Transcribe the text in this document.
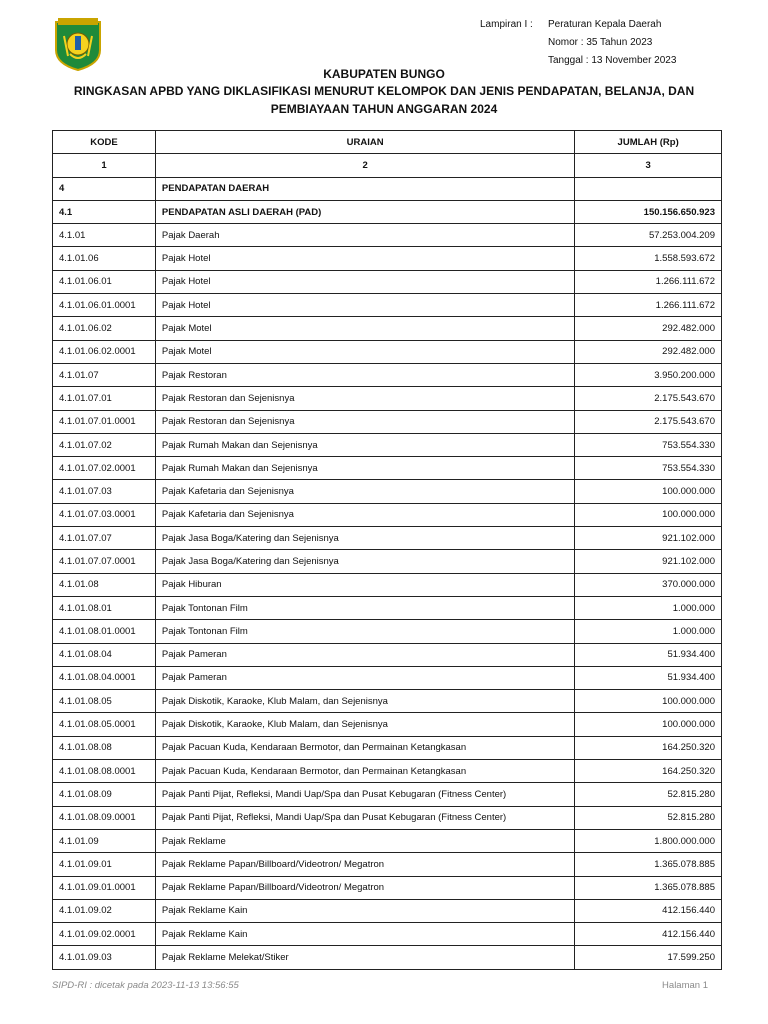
Lampiran I :	Peraturan Kepala Daerah
Nomor : 35 Tahun 2023
Tanggal : 13 November 2023
KABUPATEN BUNGO
RINGKASAN APBD YANG DIKLASIFIKASI MENURUT KELOMPOK DAN JENIS PENDAPATAN, BELANJA, DAN
PEMBIAYAAN TAHUN ANGGARAN 2024
KODE	URAIAN	JUMLAH (Rp)
1	2	3
4	PENDAPATAN DAERAH	
4.1	PENDAPATAN ASLI DAERAH (PAD)	150.156.650.923
4.1.01	Pajak Daerah	57.253.004.209
4.1.01.06	Pajak Hotel	1.558.593.672
4.1.01.06.01	Pajak Hotel	1.266.111.672
4.1.01.06.01.0001	Pajak Hotel	1.266.111.672
4.1.01.06.02	Pajak Motel	292.482.000
4.1.01.06.02.0001	Pajak Motel	292.482.000
4.1.01.07	Pajak Restoran	3.950.200.000
4.1.01.07.01	Pajak Restoran dan Sejenisnya	2.175.543.670
4.1.01.07.01.0001	Pajak Restoran dan Sejenisnya	2.175.543.670
4.1.01.07.02	Pajak Rumah Makan dan Sejenisnya	753.554.330
4.1.01.07.02.0001	Pajak Rumah Makan dan Sejenisnya	753.554.330
4.1.01.07.03	Pajak Kafetaria dan Sejenisnya	100.000.000
4.1.01.07.03.0001	Pajak Kafetaria dan Sejenisnya	100.000.000
4.1.01.07.07	Pajak Jasa Boga/Katering dan Sejenisnya	921.102.000
4.1.01.07.07.0001	Pajak Jasa Boga/Katering dan Sejenisnya	921.102.000
4.1.01.08	Pajak Hiburan	370.000.000
4.1.01.08.01	Pajak Tontonan Film	1.000.000
4.1.01.08.01.0001	Pajak Tontonan Film	1.000.000
4.1.01.08.04	Pajak Pameran	51.934.400
4.1.01.08.04.0001	Pajak Pameran	51.934.400
4.1.01.08.05	Pajak Diskotik, Karaoke, Klub Malam, dan Sejenisnya	100.000.000
4.1.01.08.05.0001	Pajak Diskotik, Karaoke, Klub Malam, dan Sejenisnya	100.000.000
4.1.01.08.08	Pajak Pacuan Kuda, Kendaraan Bermotor, dan Permainan Ketangkasan	164.250.320
4.1.01.08.08.0001	Pajak Pacuan Kuda, Kendaraan Bermotor, dan Permainan Ketangkasan	164.250.320
4.1.01.08.09	Pajak Panti Pijat, Refleksi, Mandi Uap/Spa dan Pusat Kebugaran (Fitness Center)	52.815.280
4.1.01.08.09.0001	Pajak Panti Pijat, Refleksi, Mandi Uap/Spa dan Pusat Kebugaran (Fitness Center)	52.815.280
4.1.01.09	Pajak Reklame	1.800.000.000
4.1.01.09.01	Pajak Reklame Papan/Billboard/Videotron/ Megatron	1.365.078.885
4.1.01.09.01.0001	Pajak Reklame Papan/Billboard/Videotron/ Megatron	1.365.078.885
4.1.01.09.02	Pajak Reklame Kain	412.156.440
4.1.01.09.02.0001	Pajak Reklame Kain	412.156.440
4.1.01.09.03	Pajak Reklame Melekat/Stiker	17.599.250
SIPD-RI : dicetak pada 2023-11-13 13:56:55	Halaman 1
